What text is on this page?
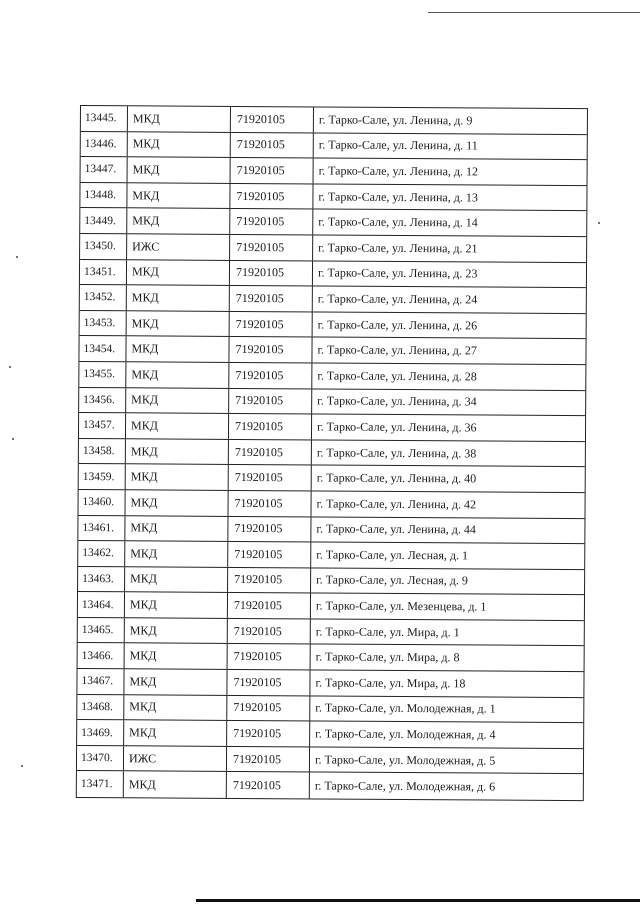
13445.	МКД	71920105	г. Тарко-Сале, ул. Ленина, д. 9
13446.	МКД	71920105	г. Тарко-Сале, ул. Ленина, д. 11
13447.	МКД	71920105	г. Тарко-Сале, ул. Ленина, д. 12
13448.	МКД	71920105	г. Тарко-Сале, ул. Ленина, д. 13
13449.	МКД	71920105	г. Тарко-Сале, ул. Ленина, д. 14
13450.	ИЖС	71920105	г. Тарко-Сале, ул. Ленина, д. 21
13451.	МКД	71920105	г. Тарко-Сале, ул. Ленина, д. 23
13452.	МКД	71920105	г. Тарко-Сале, ул. Ленина, д. 24
13453.	МКД	71920105	г. Тарко-Сале, ул. Ленина, д. 26
13454.	МКД	71920105	г. Тарко-Сале, ул. Ленина, д. 27
13455.	МКД	71920105	г. Тарко-Сале, ул. Ленина, д. 28
13456.	МКД	71920105	г. Тарко-Сале, ул. Ленина, д. 34
13457.	МКД	71920105	г. Тарко-Сале, ул. Ленина, д. 36
13458.	МКД	71920105	г. Тарко-Сале, ул. Ленина, д. 38
13459.	МКД	71920105	г. Тарко-Сале, ул. Ленина, д. 40
13460.	МКД	71920105	г. Тарко-Сале, ул. Ленина, д. 42
13461.	МКД	71920105	г. Тарко-Сале, ул. Ленина, д. 44
13462.	МКД	71920105	г. Тарко-Сале, ул. Лесная, д. 1
13463.	МКД	71920105	г. Тарко-Сале, ул. Лесная, д. 9
13464.	МКД	71920105	г. Тарко-Сале, ул. Мезенцева, д. 1
13465.	МКД	71920105	г. Тарко-Сале, ул. Мира, д. 1
13466.	МКД	71920105	г. Тарко-Сале, ул. Мира, д. 8
13467.	МКД	71920105	г. Тарко-Сале, ул. Мира, д. 18
13468.	МКД	71920105	г. Тарко-Сале, ул. Молодежная, д. 1
13469.	МКД	71920105	г. Тарко-Сале, ул. Молодежная, д. 4
13470.	ИЖС	71920105	г. Тарко-Сале, ул. Молодежная, д. 5
13471.	МКД	71920105	г. Тарко-Сале, ул. Молодежная, д. 6
